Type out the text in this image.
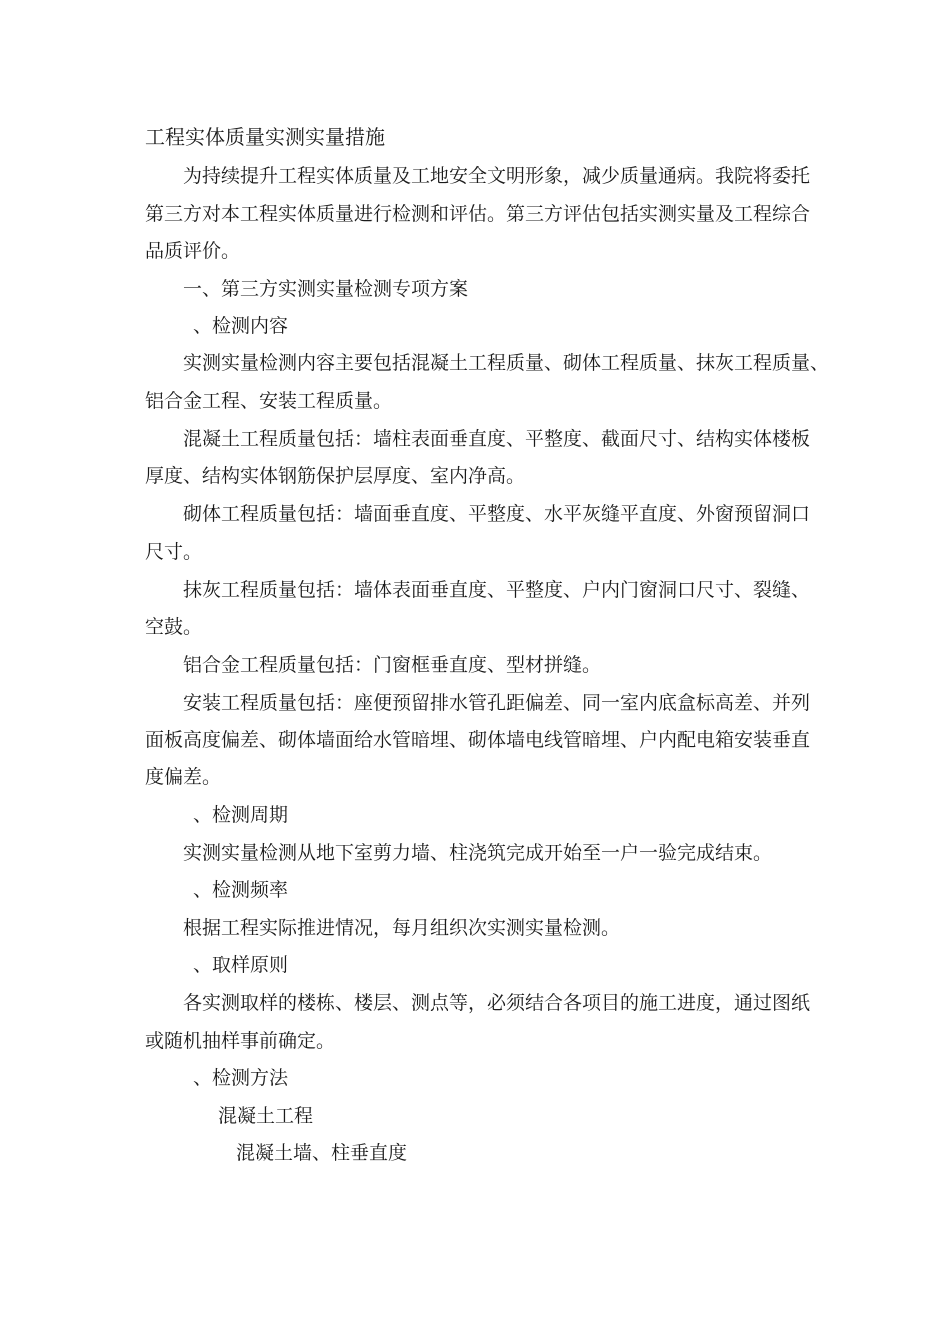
工程实体质量实测实量措施
为持续提升工程实体质量及工地安全文明形象，减少质量通病。我院将委托
第三方对本工程实体质量进行检测和评估。第三方评估包括实测实量及工程综合
品质评价。
一、第三方实测实量检测专项方案
、检测内容
实测实量检测内容主要包括混凝土工程质量、砌体工程质量、抹灰工程质量、
铝合金工程、安装工程质量。
混凝土工程质量包括：墙柱表面垂直度、平整度、截面尺寸、结构实体楼板
厚度、结构实体钢筋保护层厚度、室内净高。
砌体工程质量包括：墙面垂直度、平整度、水平灰缝平直度、外窗预留洞口
尺寸。
抹灰工程质量包括：墙体表面垂直度、平整度、户内门窗洞口尺寸、裂缝、
空鼓。
铝合金工程质量包括：门窗框垂直度、型材拼缝。
安装工程质量包括：座便预留排水管孔距偏差、同一室内底盒标高差、并列
面板高度偏差、砌体墙面给水管暗埋、砌体墙电线管暗埋、户内配电箱安装垂直
度偏差。
、检测周期
实测实量检测从地下室剪力墙、柱浇筑完成开始至一户一验完成结束。
、检测频率
根据工程实际推进情况，每月组织次实测实量检测。
、取样原则
各实测取样的楼栋、楼层、测点等，必须结合各项目的施工进度，通过图纸
或随机抽样事前确定。
、检测方法
混凝土工程
混凝土墙、柱垂直度
